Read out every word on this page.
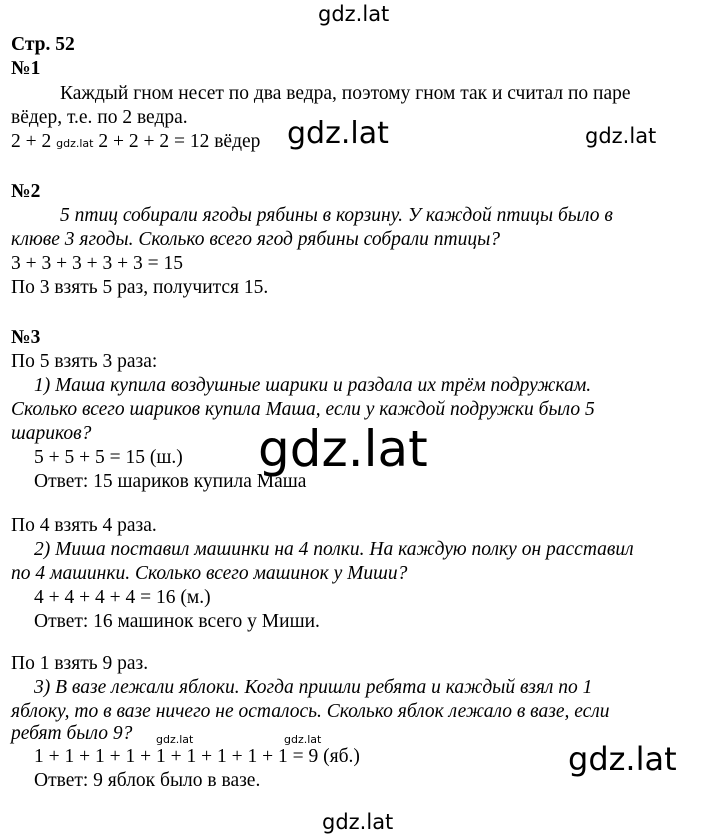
gdz.lat
gdz.lat	gdz.lat
gdz.lat
gdz.lat	gdz.lat
gdz.lat
gdz.lat
Стр. 52
№1
Каждый гном несет по два ведра, поэтому гном так и считал по паре
вёдер, т.е. по 2 ведра.
2 + 2 gdz.lat 2 + 2 + 2 = 12 вёдер
№2
5 птиц собирали ягоды рябины в корзину. У каждой птицы было в
клюве 3 ягоды. Сколько всего ягод рябины собрали птицы?
3 + 3 + 3 + 3 + 3 = 15
По 3 взять 5 раз, получится 15.
№3
По 5 взять 3 раза:
1) Маша купила воздушные шарики и раздала их трём подружкам.
Сколько всего шариков купила Маша, если у каждой подружки было 5
шариков?
5 + 5 + 5 = 15 (ш.)
Ответ: 15 шариков купила Маша
По 4 взять 4 раза.
2) Миша поставил машинки на 4 полки. На каждую полку он расставил
по 4 машинки. Сколько всего машинок у Миши?
4 + 4 + 4 + 4 = 16 (м.)
Ответ: 16 машинок всего у Миши.
По 1 взять 9 раз.
3) В вазе лежали яблоки. Когда пришли ребята и каждый взял по 1
яблоку, то в вазе ничего не осталось. Сколько яблок лежало в вазе, если
ребят было 9?
1 + 1 + 1 + 1 + 1 + 1 + 1 + 1 + 1 = 9 (яб.)
Ответ: 9 яблок было в вазе.
